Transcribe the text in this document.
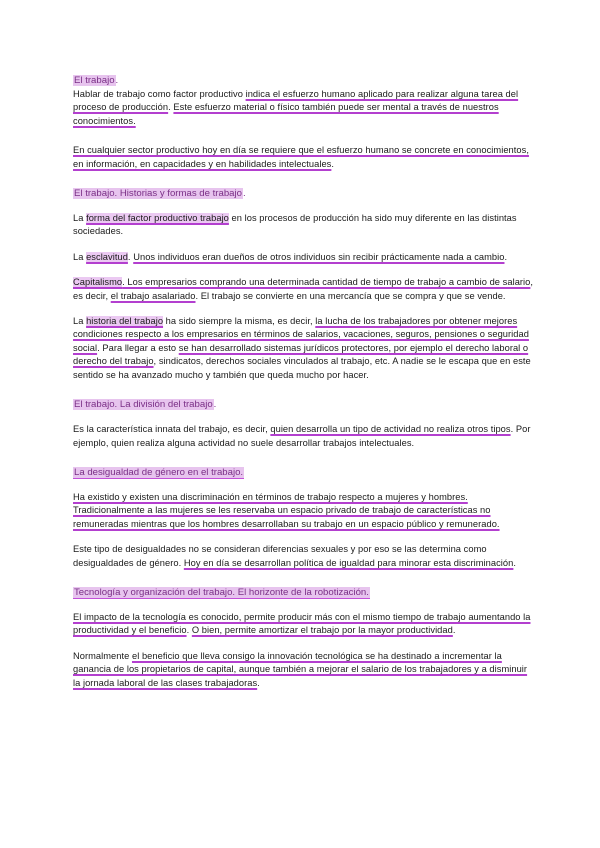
El trabajo.

Hablar de trabajo como factor productivo indica el esfuerzo humano aplicado para realizar alguna tarea del proceso de producción. Este esfuerzo material o físico también puede ser mental a través de nuestros conocimientos.

En cualquier sector productivo hoy en día se requiere que el esfuerzo humano se concrete en conocimientos, en información, en capacidades y en habilidades intelectuales.

El trabajo. Historias y formas de trabajo.

La forma del factor productivo trabajo en los procesos de producción ha sido muy diferente en las distintas sociedades.

La esclavitud. Unos individuos eran dueños de otros individuos sin recibir prácticamente nada a cambio.

Capitalismo. Los empresarios comprando una determinada cantidad de tiempo de trabajo a cambio de salario, es decir, el trabajo asalariado. El trabajo se convierte en una mercancía que se compra y que se vende.

La historia del trabajo ha sido siempre la misma, es decir, la lucha de los trabajadores por obtener mejores condiciones respecto a los empresarios en términos de salarios, vacaciones, seguros, pensiones o seguridad social. Para llegar a esto se han desarrollado sistemas jurídicos protectores, por ejemplo el derecho laboral o derecho del trabajo, sindicatos, derechos sociales vinculados al trabajo, etc. A nadie se le escapa que en este sentido se ha avanzado mucho y también que queda mucho por hacer.

El trabajo. La división del trabajo.

Es la característica innata del trabajo, es decir, quien desarrolla un tipo de actividad no realiza otros tipos. Por ejemplo, quien realiza alguna actividad no suele desarrollar trabajos intelectuales.

La desigualdad de género en el trabajo.

Ha existido y existen una discriminación en términos de trabajo respecto a mujeres y hombres. Tradicionalmente a las mujeres se les reservaba un espacio privado de trabajo de características no remuneradas mientras que los hombres desarrollaban su trabajo en un espacio público y remunerado.

Este tipo de desigualdades no se consideran diferencias sexuales y por eso se las determina como desigualdades de género. Hoy en día se desarrollan política de igualdad para minorar esta discriminación.

Tecnología y organización del trabajo. El horizonte de la robotización.

El impacto de la tecnología es conocido, permite producir más con el mismo tiempo de trabajo aumentando la productividad y el beneficio. O bien, permite amortizar el trabajo por la mayor productividad.

Normalmente el beneficio que lleva consigo la innovación tecnológica se ha destinado a incrementar la ganancia de los propietarios de capital, aunque también a mejorar el salario de los trabajadores y a disminuir la jornada laboral de las clases trabajadoras.
